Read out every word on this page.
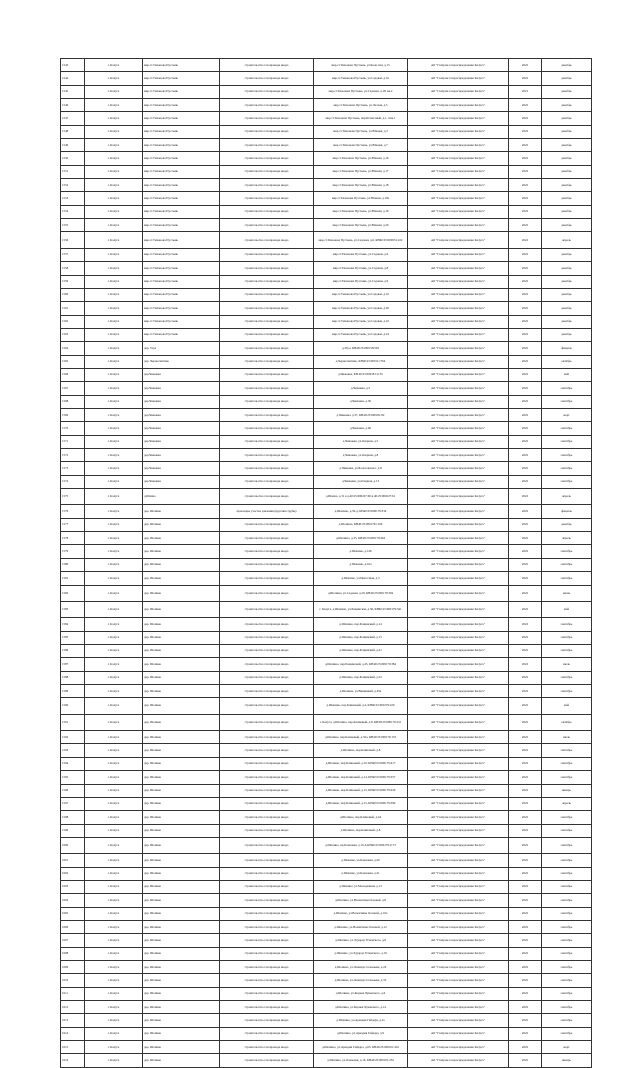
1543	г. Калуга	мкр.ст.Тихонова Пустынь	строительство газопровода ввода	мкр.ст.Тихонова Пустынь, ул.Кооп.тиц, д.15	АО "Газпром газораспределение Калуга"	2022	декабрь
1544	г. Калуга	мкр.ст.Тихонова Пустынь	строительство газопровода ввода	мкр.ст.Тихонова Пустынь, ул.Садовая, д.16	АО "Газпром газораспределение Калуга"	2022	декабрь
1545	г. Калуга	мкр.ст.Тихонова Пустынь	строительство газопровода ввода	мкр.ст.Тихонова Пустынь, ул.Садовая, д.18, кв.2	АО "Газпром газораспределение Калуга"	2021	декабрь
1546	г. Калуга	мкр.ст.Тихонова Пустынь	строительство газопровода ввода	мкр.ст.Тихонова Пустынь, ул.Лесная, д.5	АО "Газпром газораспределение Калуга"	2022	декабрь
1547	г. Калуга	мкр.ст.Тихонова Пустынь	строительство газопровода ввода	мкр.ст.Тихонова Пустынь, пер.Ктаночный, д.1, пом.1	АО "Газпром газораспределение Калуга"	2022	декабрь
1548	г. Калуга	мкр.ст.Тихонова Пустынь	строительство газопровода ввода	мкр.ст.Тихонова Пустынь, ул.Южная, д.3	АО "Газпром газораспределение Калуга"	2022	декабрь
1549	г. Калуга	мкр.ст.Тихонова Пустынь	строительство газопровода ввода	мкр.ст.Тихонова Пустынь, ул.Южная, д.7	АО "Газпром газораспределение Калуга"	2022	декабрь
1550	г. Калуга	мкр.ст.Тихонова Пустынь	строительство газопровода ввода	мкр.ст.Тихонова Пустынь, ул.Южная, д.16	АО "Газпром газораспределение Калуга"	2022	декабрь
1551	г. Калуга	мкр.ст.Тихонова Пустынь	строительство газопровода ввода	мкр.ст.Тихонова Пустынь, ул.Южная, д.17	АО "Газпром газораспределение Калуга"	2022	декабрь
1552	г. Калуга	мкр.ст.Тихонова Пустынь	строительство газопровода ввода	мкр.ст.Тихонова Пустынь, ул.Южная, д.18	АО "Газпром газораспределение Калуга"	2022	декабрь
1553	г. Калуга	мкр.ст.Тихонова Пустынь	строительство газопровода ввода	мкр.ст.Тихонова Пустынь, ул.Южная, д.18а	АО "Газпром газораспределение Калуга"	2022	декабрь
1554	г. Калуга	мкр.ст.Тихонова Пустынь	строительство газопровода ввода	мкр.ст.Тихонова Пустынь, ул.Южная, д.19	АО "Газпром газораспределение Калуга"	2022	декабрь
1555	г. Калуга	мкр.ст.Тихонова Пустынь	строительство газопровода ввода	мкр.ст.Тихонова Пустынь, ул.Южная, д.20	АО "Газпром газораспределение Калуга"	2022	декабрь
1556	г. Калуга	мкр.ст.Тихонова Пустынь	строительство газопровода ввода	мкр.ст.Тихонова Пустынь, ул.Садовая, д.6, КН40:25:000031:222	АО "Газпром газораспределение Калуга"	2022	апрель
1557	г. Калуга	мкр.ст.Тихонова Пустынь	строительство газопровода ввода	мкр.ст.Тихонова Пустынь, ул.Садовая, д.6	АО "Газпром газораспределение Калуга"	2022	декабрь
1558	г. Калуга	мкр.ст.Тихонова Пустынь	строительство газопровода ввода	мкр.ст.Тихонова Пустынь, ул.Садовая, д.8	АО "Газпром газораспределение Калуга"	2022	декабрь
1559	г. Калуга	мкр.ст.Тихонова Пустынь	строительство газопровода ввода	мкр.ст.Тихонова Пустынь, ул.Садовая, д.9	АО "Газпром газораспределение Калуга"	2022	декабрь
1560	г. Калуга	мкр.ст.Тихонова Пустынь	строительство газопровода ввода	мкр.ст.Тихонова Пустынь, ул.Садовая, д.10	АО "Газпром газораспределение Калуга"	2022	декабрь
1561	г. Калуга	мкр.ст.Тихонова Пустынь	строительство газопровода ввода	мкр.ст.Тихонова Пустынь, ул.Садовая, д.20	АО "Газпром газораспределение Калуга"	2022	декабрь
1562	г. Калуга	мкр.ст.Тихонова Пустынь	строительство газопровода ввода	мкр.ст.Тихонова Пустынь, ул.Садовая, д.22	АО "Газпром газораспределение Калуга"	2022	декабрь
1563	г. Калуга	мкр.ст.Тихонова Пустынь	строительство газопровода ввода	мкр.ст.Тихонова Пустынь, ул.Садовая, д.24	АО "Газпром газораспределение Калуга"	2022	декабрь
1564	г. Калуга	дер. Угра	строительство газопровода ввода	д.Угра, КН40:25:000158:502	АО "Газпром газораспределение Калуга"	2022	февраль
1565	г. Калуга	дер. Черносвитино	строительство газопровода ввода	д.Черносвитино, КН40:25:000111:764	АО "Газпром газораспределение Калуга"	2022	октябрь
1566	г. Калуга	дер.Чижовка	строительство газопровода ввода	д.Чижовка, КН 40:25:000181:1135	АО "Газпром газораспределение Калуга"	2022	май
1567	г. Калуга	дер.Чижовка	строительство газопровода ввода	д.Чижовка, д.5	АО "Газпром газораспределение Калуга"	2022	сентябрь
1568	г. Калуга	дер.Чижовка	строительство газопровода ввода	д.Чижовка, д.30	АО "Газпром газораспределение Калуга"	2022	сентябрь
1569	г. Калуга	дер.Чижовка	строительство газопровода ввода	д.Чижовка, д.37, КН40:25:000181:82	АО "Газпром газораспределение Калуга"	2022	март
1570	г. Калуга	дер.Чижовка	строительство газопровода ввода	д.Чижовка, д.46	АО "Газпром газораспределение Калуга"	2022	сентябрь
1571	г. Калуга	дер.Чижовка	строительство газопровода ввода	д.Чижовка, ул.Озерная, д.5	АО "Газпром газораспределение Калуга"	2022	сентябрь
1572	г. Калуга	дер.Чижовка	строительство газопровода ввода	д.Чижовка, ул.Озерная, д.8	АО "Газпром газораспределение Калуга"	2022	сентябрь
1573	г. Калуга	дер.Чижовка	строительство газопровода ввода	д.Чижовка, ул.Болотовского, д.8	АО "Газпром газораспределение Калуга"	2022	сентябрь
1574	г. Калуга	дер.Чижовка	строительство газопровода ввода	д.Чижовка, ул.Озерная, д.13	АО "Газпром газораспределение Калуга"	2022	сентябрь
1575	г. Калуга	д.Шапна	строительство газопровода ввода	д.Шапна, д.31 в д.40:25:000227:60 и 40:25:000227:61	АО "Газпром газораспределение Калуга"	2022	апрель
1576	г. Калуга	дер. Шопино	прокладка участка давления (кругляш трубы)	д.Шопино, д.59-д, КН40:25:000179:334	АО "Газпром газораспределение Калуга"	2022	февраль
1577	г. Калуга	дер. Шопино	строительство газопровода ввода	д.Шопино, КН40:25:000179:1106	АО "Газпром газораспределение Калуга"	2022	декабрь
1578	г. Калуга	дер. Шопино	строительство газопровода ввода	д.Шопино, д.35, КН40:25:000179:404	АО "Газпром газораспределение Калуга"	2022	апрель
1579	г. Калуга	дер. Шопино	строительство газопровода ввода	д.Шопино, д.146	АО "Газпром газораспределение Калуга"	2022	сентябрь
1580	г. Калуга	дер. Шопино	строительство газопровода ввода	д.Шопино, д.91а	АО "Газпром газораспределение Калуга"	2022	сентябрь
1581	г. Калуга	дер. Шопино	строительство газопровода ввода	д.Шопино, ул.Цветочная, д.3	АО "Газпром газораспределение Калуга"	2022	сентябрь
1582	г. Калуга	дер. Шопино	строительство газопровода ввода	д.Шопино, ул.Садовая, д.20, КН40:25:000179:304	АО "Газпром газораспределение Калуга"	2022	июнь
1583	г. Калуга	дер. Шопино	строительство газопровода ввода	г. Калуга, д.Шопино, ул.Рощинская, д.36, КН40:25:000179:341	АО "Газпром газораспределение Калуга"	2022	май
1584	г. Калуга	дер. Шопино	строительство газопровода ввода	д.Шопино, пер.Рощинский, д.14	АО "Газпром газораспределение Калуга"	2022	сентябрь
1585	г. Калуга	дер. Шопино	строительство газопровода ввода	д.Шопино, пер.Рощинский, д.15	АО "Газпром газораспределение Калуга"	2022	сентябрь
1586	г. Калуга	дер. Шопино	строительство газопровода ввода	д.Шопино, пер.Рощинский, д.41	АО "Газпром газораспределение Калуга"	2022	сентябрь
1587	г. Калуга	дер. Шопино	строительство газопровода ввода	д.Шопино, пер.Рощинский, д.45, КН40:25:000179:384	АО "Газпром газораспределение Калуга"	2022	июль
1588	г. Калуга	дер. Шопино	строительство газопровода ввода	д.Шопино, пер.Рощинский, д.52	АО "Газпром газораспределение Калуга"	2022	сентябрь
1589	г. Калуга	дер. Шопино	строительство газопровода ввода	д.Шопино, ул.Вишневый, д.29а	АО "Газпром газораспределение Калуга"	2022	сентябрь
1590	г. Калуга	дер. Шопино	строительство газопровода ввода	д.Шопино, пер.Клиновый, д.4, КН40:25:000179:220	АО "Газпром газораспределение Калуга"	2022	май
1591	г. Калуга	дер. Шопино	строительство газопровода ввода	г. Калуга, д.Шопино, пер.Клиновый, д.8, КН40:25:000179:231	АО "Газпром газораспределение Калуга"	2022	октябрь
1592	г. Калуга	дер. Шопино	строительство газопровода ввода	д.Шопино, пер.Клиновый, д.32а, КН40:25:000179:153	АО "Газпром газораспределение Калуга"	2022	июль
1593	г. Калуга	дер. Шопино	строительство газопровода ввода	д.Шопино, пер.Клиновый, д.8	АО "Газпром газораспределение Калуга"	2022	сентябрь
1594	г. Калуга	дер. Шопино	строительство газопровода ввода	д.Шопино, пер.Клиновый, д.10, КН40:25:000179:417	АО "Газпром газораспределение Калуга"	2022	сентябрь
1595	г. Калуга	дер. Шопино	строительство газопровода ввода	д.Шопино, пер.Клиновый, д.14, КН40:25:000179:357	АО "Газпром газораспределение Калуга"	2022	сентябрь
1596	г. Калуга	дер. Шопино	строительство газопровода ввода	д.Шопино, пер.Клиновый, д.15, КН40:25:000179:420	АО "Газпром газораспределение Калуга"	2022	январь
1597	г. Калуга	дер. Шопино	строительство газопровода ввода	д.Шопино, пер.Клиновый, д.15, КН40:25:000179:390	АО "Газпром газораспределение Калуга"	2022	апрель
1598	г. Калуга	дер. Шопино	строительство газопровода ввода	д.Шопино, пер.Клиновый, д.44	АО "Газпром газораспределение Калуга"	2022	сентябрь
1599	г. Калуга	дер. Шопино	строительство газопровода ввода	д.Шопино, пер.Клиновый, д.8	АО "Газпром газораспределение Калуга"	2022	сентябрь
1600	г. Калуга	дер. Шопино	строительство газопровода ввода	д.Шопино, пр.Кленовая, д.19 А,КН40:25:000179:1173	АО "Газпром газораспределение Калуга"	2022	сентябрь
1601	г. Калуга	дер. Шопино	строительство газопровода ввода	д.Шопино, ул.Кленовая, д.20	АО "Газпром газораспределение Калуга"	2022	сентябрь
1602	г. Калуга	дер. Шопино	строительство газопровода ввода	д.Шопино, ул.Кленовая, д.21	АО "Газпром газораспределение Калуга"	2022	сентябрь
1603	г. Калуга	дер. Шопино	строительство газопровода ввода	д.Шопино, ул.Молодежная, д.13	АО "Газпром газораспределение Калуга"	2022	сентябрь
1604	г. Калуга	дер. Шопино	строительство газопровода ввода	д.Шопино, ул.Валентины Осеевой, д.8	АО "Газпром газораспределение Калуга"	2022	сентябрь
1605	г. Калуга	дер. Шопино	строительство газопровода ввода	д.Шопино, ул.Валентины Осеевой, д.10а	АО "Газпром газораспределение Калуга"	2022	сентябрь
1606	г. Калуга	дер. Шопино	строительство газопровода ввода	д.Шопино, ул.Валентины Осеевой, д.12	АО "Газпром газораспределение Калуга"	2022	сентябрь
1607	г. Калуга	дер. Шопино	строительство газопровода ввода	д.Шопино, ул.Эдуарда Успенского, д.8	АО "Газпром газораспределение Калуга"	2022	сентябрь
1608	г. Калуга	дер. Шопино	строительство газопровода ввода	д.Шопино, ул.Эдуарда Успенского, д.19	АО "Газпром газораспределение Калуга"	2022	сентябрь
1609	г. Калуга	дер. Шопино	строительство газопровода ввода	д.Шопино, ул.Леонида Соловьева, д.24	АО "Газпром газораспределение Калуга"	2022	сентябрь
1610	г. Калуга	дер. Шопино	строительство газопровода ввода	д.Шопино, ул.Леонида Соловьева, д.35	АО "Газпром газораспределение Калуга"	2022	сентябрь
1611	г. Калуга	дер. Шопино	строительство газопровода ввода	д.Шопино, ул.Корнея Чуковского, д.6	АО "Газпром газораспределение Калуга"	2022	сентябрь
1612	г. Калуга	дер. Шопино	строительство газопровода ввода	д.Шопино, ул.Корнея Чуковского, д.14	АО "Газпром газораспределение Калуга"	2022	сентябрь
1613	г. Калуга	дер. Шопино	строительство газопровода ввода	д.Шопино, ул.Аркадия Гайдара, д.2а	АО "Газпром газораспределение Калуга"	2022	сентябрь
1614	г. Калуга	дер. Шопино	строительство газопровода ввода	д.Шопино, ул.Аркадия Гайдара, д.9	АО "Газпром газораспределение Калуга"	2022	сентябрь
1615	г. Калуга	дер. Шопино	строительство газопровода ввода	д.Шопино, ул.Аркадия Гайдара, д.63, КН40:25:000101:416	АО "Газпром газораспределение Калуга"	2022	март
1616	г. Калуга	дер. Шопино	строительство газопровода ввода	д.Шопино, ул.Ольховая, д.16, КН40:25:000101:232	АО "Газпром газораспределение Калуга"	2022	январь
